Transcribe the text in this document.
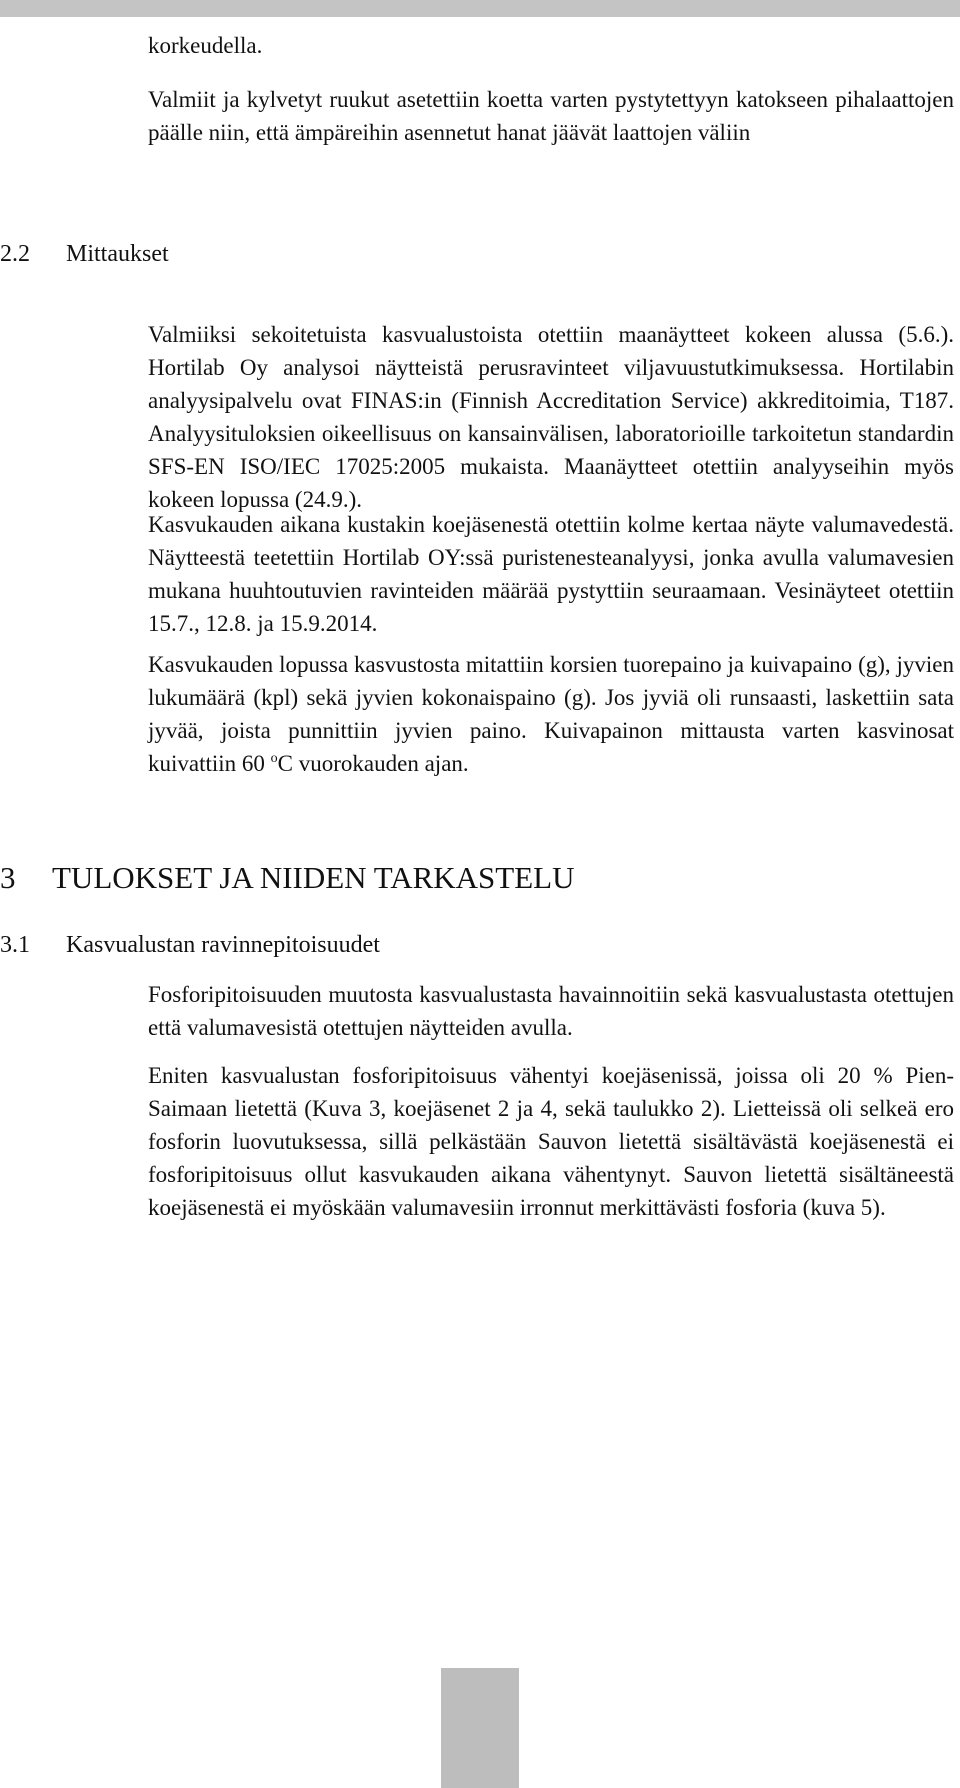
korkeudella.

Valmiit ja kylvetyt ruukut asetettiin koetta varten pystytettyyn katokseen pihalaattojen päälle niin, että ämpäreihin asennetut hanat jäävät laattojen väliin

2.2 Mittaukset

Valmiiksi sekoitetuista kasvualustoista otettiin maanäytteet kokeen alussa (5.6.). Hortilab Oy analysoi näytteistä perusravinteet viljavuustutkimuksessa. Hortilabin analyysipalvelu ovat FINAS:in (Finnish Accreditation Service) akkreditoimia, T187. Analyysituloksien oikeellisuus on kansainvälisen, laboratorioille tarkoitetun standardin SFS-EN ISO/IEC 17025:2005 mukaista. Maanäytteet otettiin analyyseihin myös kokeen lopussa (24.9.).

Kasvukauden aikana kustakin koejäsenestä otettiin kolme kertaa näyte valumavedestä. Näytteestä teetettiin Hortilab OY:ssä puristenesteanalyysi, jonka avulla valumavesien mukana huuhtoutuvien ravinteiden määrää pystyttiin seuraamaan. Vesinäyteet otettiin 15.7., 12.8. ja 15.9.2014.

Kasvukauden lopussa kasvustosta mitattiin korsien tuorepaino ja kuivapaino (g), jyvien lukumäärä (kpl) sekä jyvien kokonaispaino (g). Jos jyviä oli runsaasti, laskettiin sata jyvää, joista punnittiin jyvien paino. Kuivapainon mittausta varten kasvinosat kuivattiin 60 $^o$C vuorokauden ajan.

3 TULOKSET JA NIIDEN TARKASTELU
3.1 Kasvualustan ravinnepitoisuudet

Fosforipitoisuuden muutosta kasvualustasta havainnoitiin sekä kasvualustasta otettujen että valumavesistä otettujen näytteiden avulla.

Eniten kasvualustan fosforipitoisuus vähentyi koejäsenissä, joissa oli 20 % Pien-Saimaan lietettä (Kuva 3, koejäsenet 2 ja 4, sekä taulukko 2). Lietteissä oli selkeä ero fosforin luovutuksessa, sillä pelkästään Sauvon lietettä sisältävästä koejäsenestä ei fosforipitoisuus ollut kasvukauden aikana vähentynyt. Sauvon lietettä sisältäneestä koejäsenestä ei myöskään valumavesiin irronnut merkittävästi fosforia (kuva 5).
